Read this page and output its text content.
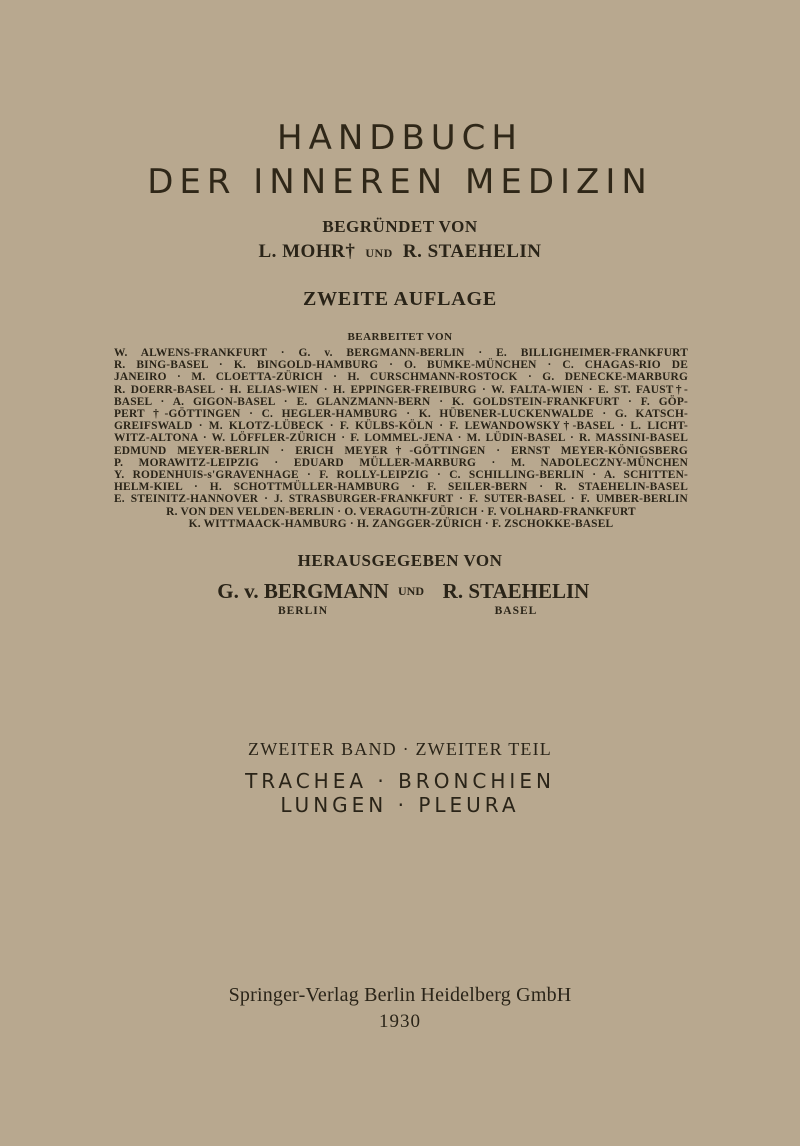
HANDBUCH
DER INNEREN MEDIZIN
BEGRÜNDET VON
L. MOHR† UND R. STAEHELIN
ZWEITE AUFLAGE
BEARBEITET VON
W. ALWENS-FRANKFURT · G. v. BERGMANN-BERLIN · E. BILLIGHEIMER-FRANKFURT
R. BING-BASEL · K. BINGOLD-HAMBURG · O. BUMKE-MÜNCHEN · C. CHAGAS-RIO DE
JANEIRO · M. CLOETTA-ZÜRICH · H. CURSCHMANN-ROSTOCK · G. DENECKE-MARBURG
R. DOERR-BASEL · H. ELIAS-WIEN · H. EPPINGER-FREIBURG · W. FALTA-WIEN · E. ST. FAUST†-
BASEL · A. GIGON-BASEL · E. GLANZMANN-BERN · K. GOLDSTEIN-FRANKFURT · F. GÖP-
PERT †-GÖTTINGEN · C. HEGLER-HAMBURG · K. HÜBENER-LUCKENWALDE · G. KATSCH-
GREIFSWALD · M. KLOTZ-LÜBECK · F. KÜLBS-KÖLN · F. LEWANDOWSKY†-BASEL · L. LICHT-
WITZ-ALTONA · W. LÖFFLER-ZÜRICH · F. LOMMEL-JENA · M. LÜDIN-BASEL · R. MASSINI-BASEL
EDMUND MEYER-BERLIN · ERICH MEYER†-GÖTTINGEN · ERNST MEYER-KÖNIGSBERG
P. MORAWITZ-LEIPZIG · EDUARD MÜLLER-MARBURG · M. NADOLECZNY-MÜNCHEN
Y. RODENHUIS-s'GRAVENHAGE · F. ROLLY-LEIPZIG · C. SCHILLING-BERLIN · A. SCHITTEN-
HELM-KIEL · H. SCHOTTMÜLLER-HAMBURG · F. SEILER-BERN · R. STAEHELIN-BASEL
E. STEINITZ-HANNOVER · J. STRASBURGER-FRANKFURT · F. SUTER-BASEL · F. UMBER-BERLIN
R. VON DEN VELDEN-BERLIN · O. VERAGUTH-ZÜRICH · F. VOLHARD-FRANKFURT
K. WITTMAACK-HAMBURG · H. ZANGGER-ZÜRICH · F. ZSCHOKKE-BASEL
HERAUSGEGEBEN VON
G. v. BERGMANN
BERLIN
UND R. STAEHELIN
BASEL
ZWEITER BAND · ZWEITER TEIL
TRACHEA · BRONCHIEN
LUNGEN · PLEURA
Springer-Verlag Berlin Heidelberg GmbH
1930
